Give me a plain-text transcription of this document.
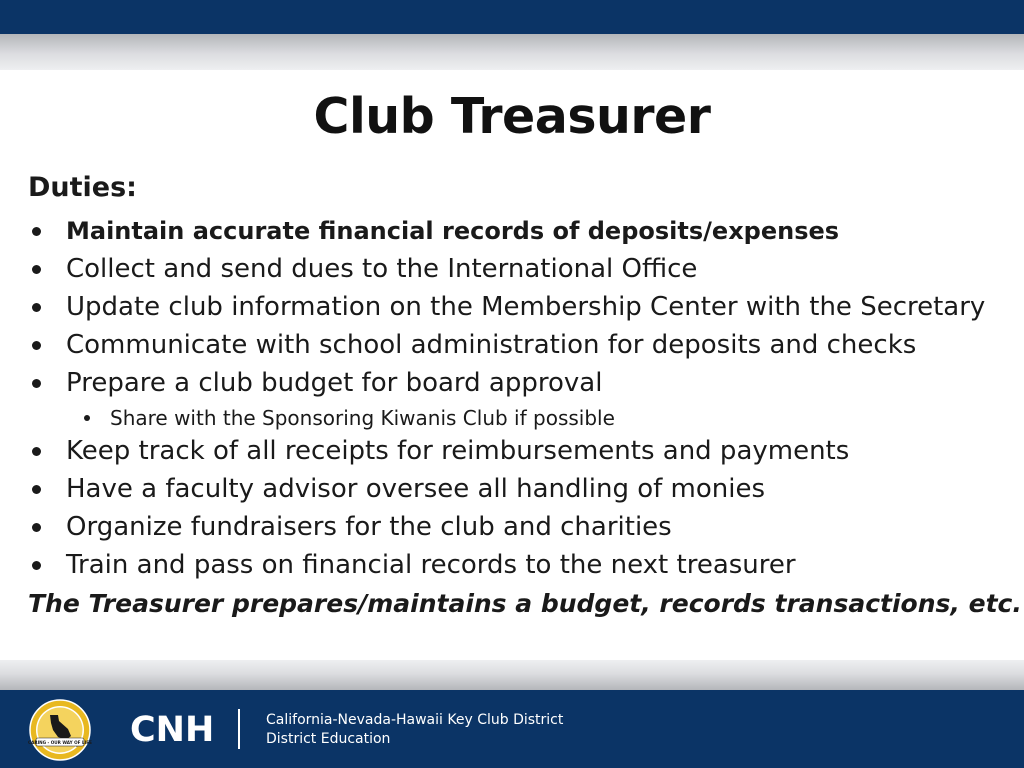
Club Treasurer
Duties:
Maintain accurate financial records of deposits/expenses
Collect and send dues to the International Office
Update club information on the Membership Center with the Secretary
Communicate with school administration for deposits and checks
Prepare a club budget for board approval
Share with the Sponsoring Kiwanis Club if possible
Keep track of all receipts for reimbursements and payments
Have a faculty advisor oversee all handling of monies
Organize fundraisers for the club and charities
Train and pass on financial records to the next treasurer
The Treasurer prepares/maintains a budget, records transactions, etc.
CARING - OUR WAY OF LIFE CNH	California-Nevada-Hawaii Key Club District
District Education
